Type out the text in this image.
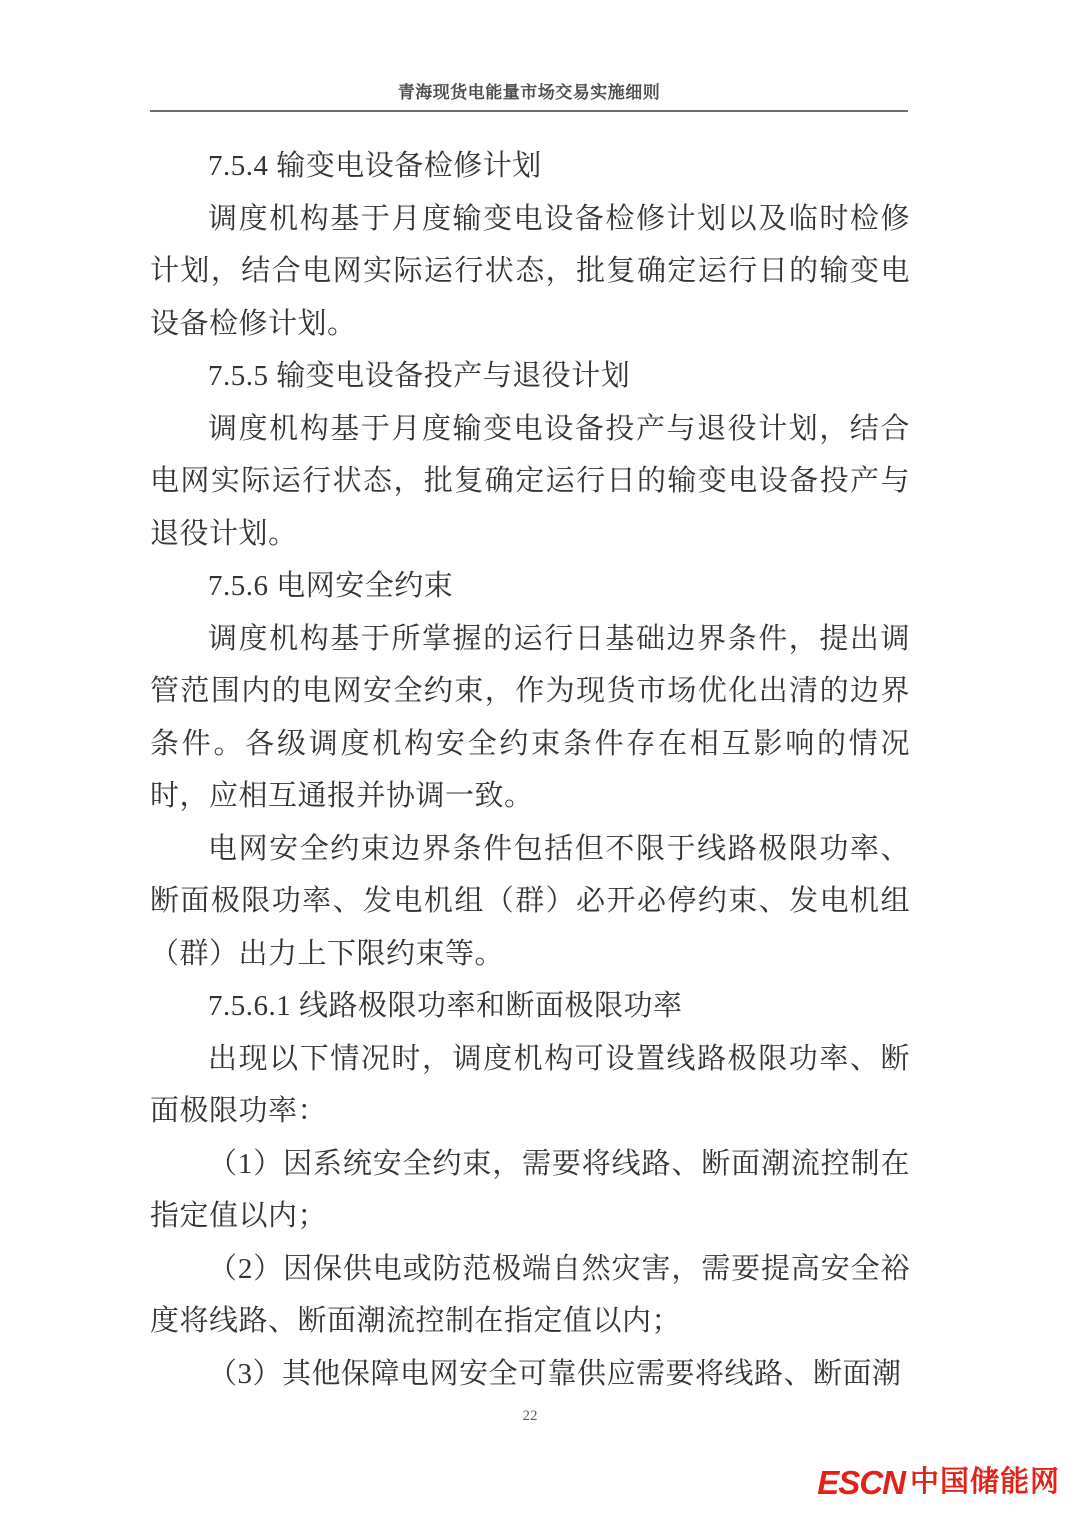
青海现货电能量市场交易实施细则

7.5.4 输变电设备检修计划

调度机构基于月度输变电设备检修计划以及临时检修计划，结合电网实际运行状态，批复确定运行日的输变电设备检修计划。

7.5.5 输变电设备投产与退役计划

调度机构基于月度输变电设备投产与退役计划，结合电网实际运行状态，批复确定运行日的输变电设备投产与退役计划。

7.5.6 电网安全约束

调度机构基于所掌握的运行日基础边界条件，提出调管范围内的电网安全约束，作为现货市场优化出清的边界条件。各级调度机构安全约束条件存在相互影响的情况时，应相互通报并协调一致。

电网安全约束边界条件包括但不限于线路极限功率、断面极限功率、发电机组（群）必开必停约束、发电机组（群）出力上下限约束等。

7.5.6.1 线路极限功率和断面极限功率

出现以下情况时，调度机构可设置线路极限功率、断面极限功率：

（1）因系统安全约束，需要将线路、断面潮流控制在指定值以内；

（2）因保供电或防范极端自然灾害，需要提高安全裕度将线路、断面潮流控制在指定值以内；

（3）其他保障电网安全可靠供应需要将线路、断面潮

22
ESCN 中国储能网
